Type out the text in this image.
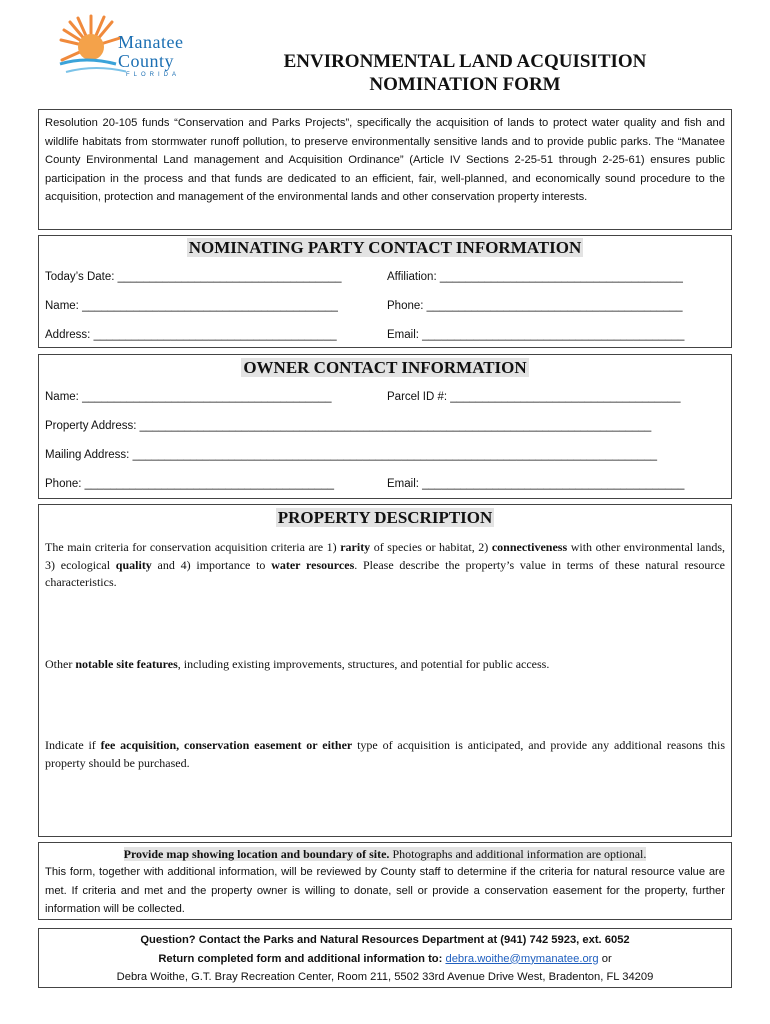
Manatee
County
FLORIDA
ENVIRONMENTAL LAND ACQUISITION
NOMINATION FORM
Resolution 20-105 funds “Conservation and Parks Projects”, specifically the acquisition of lands to protect water quality and fish and wildlife habitats from stormwater runoff pollution, to preserve environmentally sensitive lands and to provide public parks. The “Manatee County Environmental Land management and Acquisition Ordinance” (Article IV Sections 2-25-51 through 2-25-61) ensures public participation in the process and that funds are dedicated to an efficient, fair, well-planned, and economically sound procedure to the acquisition, protection and management of the environmental lands and other conservation property interests.
NOMINATING PARTY CONTACT INFORMATION
Today’s Date: ___________________________________	Affiliation: ______________________________________
Name: ________________________________________	Phone: ________________________________________
Address: ______________________________________	Email: _________________________________________
OWNER CONTACT INFORMATION
Name: _______________________________________	Parcel ID #: ____________________________________
Property Address: ________________________________________________________________________________
Mailing Address: __________________________________________________________________________________
Phone: _______________________________________	Email: _________________________________________
PROPERTY DESCRIPTION
The main criteria for conservation acquisition criteria are 1) rarity of species or habitat, 2) connectiveness with other environmental lands, 3) ecological quality and 4) importance to water resources. Please describe the property’s value in terms of these natural resource characteristics.
Other notable site features, including existing improvements, structures, and potential for public access.
Indicate if fee acquisition, conservation easement or either type of acquisition is anticipated, and provide any additional reasons this property should be purchased.
Provide map showing location and boundary of site. Photographs and additional information are optional.
This form, together with additional information, will be reviewed by County staff to determine if the criteria for natural resource value are met. If criteria and met and the property owner is willing to donate, sell or provide a conservation easement for the property, further information will be collected.
Question? Contact the Parks and Natural Resources Department at (941) 742 5923, ext. 6052
Return completed form and additional information to: debra.woithe@mymanatee.org or
Debra Woithe, G.T. Bray Recreation Center, Room 211, 5502 33rd Avenue Drive West, Bradenton, FL 34209
